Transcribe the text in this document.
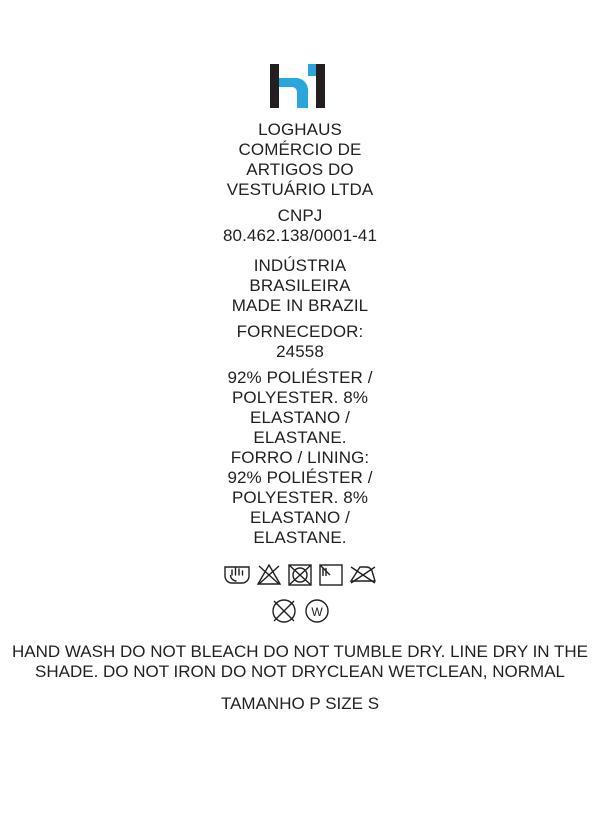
LOGHAUS
COMÉRCIO DE
ARTIGOS DO
VESTUÁRIO LTDA
CNPJ
80.462.138/0001-41
INDÚSTRIA
BRASILEIRA
MADE IN BRAZIL
FORNECEDOR:
24558
92% POLIÉSTER /
POLYESTER. 8%
ELASTANO /
ELASTANE.
FORRO / LINING:
92% POLIÉSTER /
POLYESTER. 8%
ELASTANO /
ELASTANE.
W
HAND WASH DO NOT BLEACH DO NOT TUMBLE DRY. LINE DRY IN THE SHADE. DO NOT IRON DO NOT DRYCLEAN WETCLEAN, NORMAL
TAMANHO P SIZE S
